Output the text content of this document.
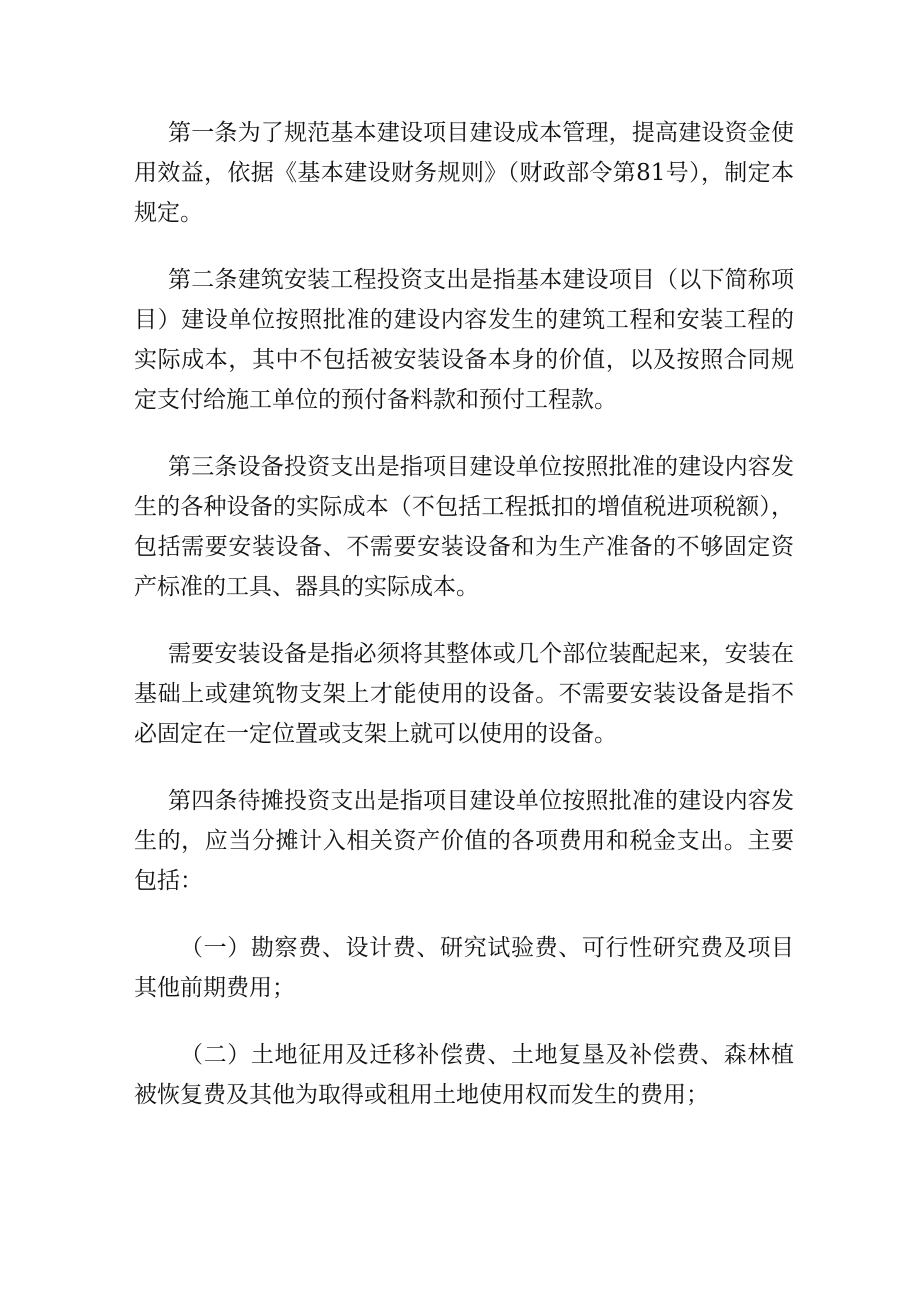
第一条为了规范基本建设项目建设成本管理，提高建设资金使用效益，依据《基本建设财务规则》（财政部令第81号），制定本规定。

第二条建筑安装工程投资支出是指基本建设项目（以下简称项目）建设单位按照批准的建设内容发生的建筑工程和安装工程的实际成本，其中不包括被安装设备本身的价值，以及按照合同规定支付给施工单位的预付备料款和预付工程款。

第三条设备投资支出是指项目建设单位按照批准的建设内容发生的各种设备的实际成本（不包括工程抵扣的增值税进项税额），包括需要安装设备、不需要安装设备和为生产准备的不够固定资产标准的工具、器具的实际成本。

需要安装设备是指必须将其整体或几个部位装配起来，安装在基础上或建筑物支架上才能使用的设备。不需要安装设备是指不必固定在一定位置或支架上就可以使用的设备。

第四条待摊投资支出是指项目建设单位按照批准的建设内容发生的，应当分摊计入相关资产价值的各项费用和税金支出。主要包括：

（一）勘察费、设计费、研究试验费、可行性研究费及项目其他前期费用；

（二）土地征用及迁移补偿费、土地复垦及补偿费、森林植被恢复费及其他为取得或租用土地使用权而发生的费用；
